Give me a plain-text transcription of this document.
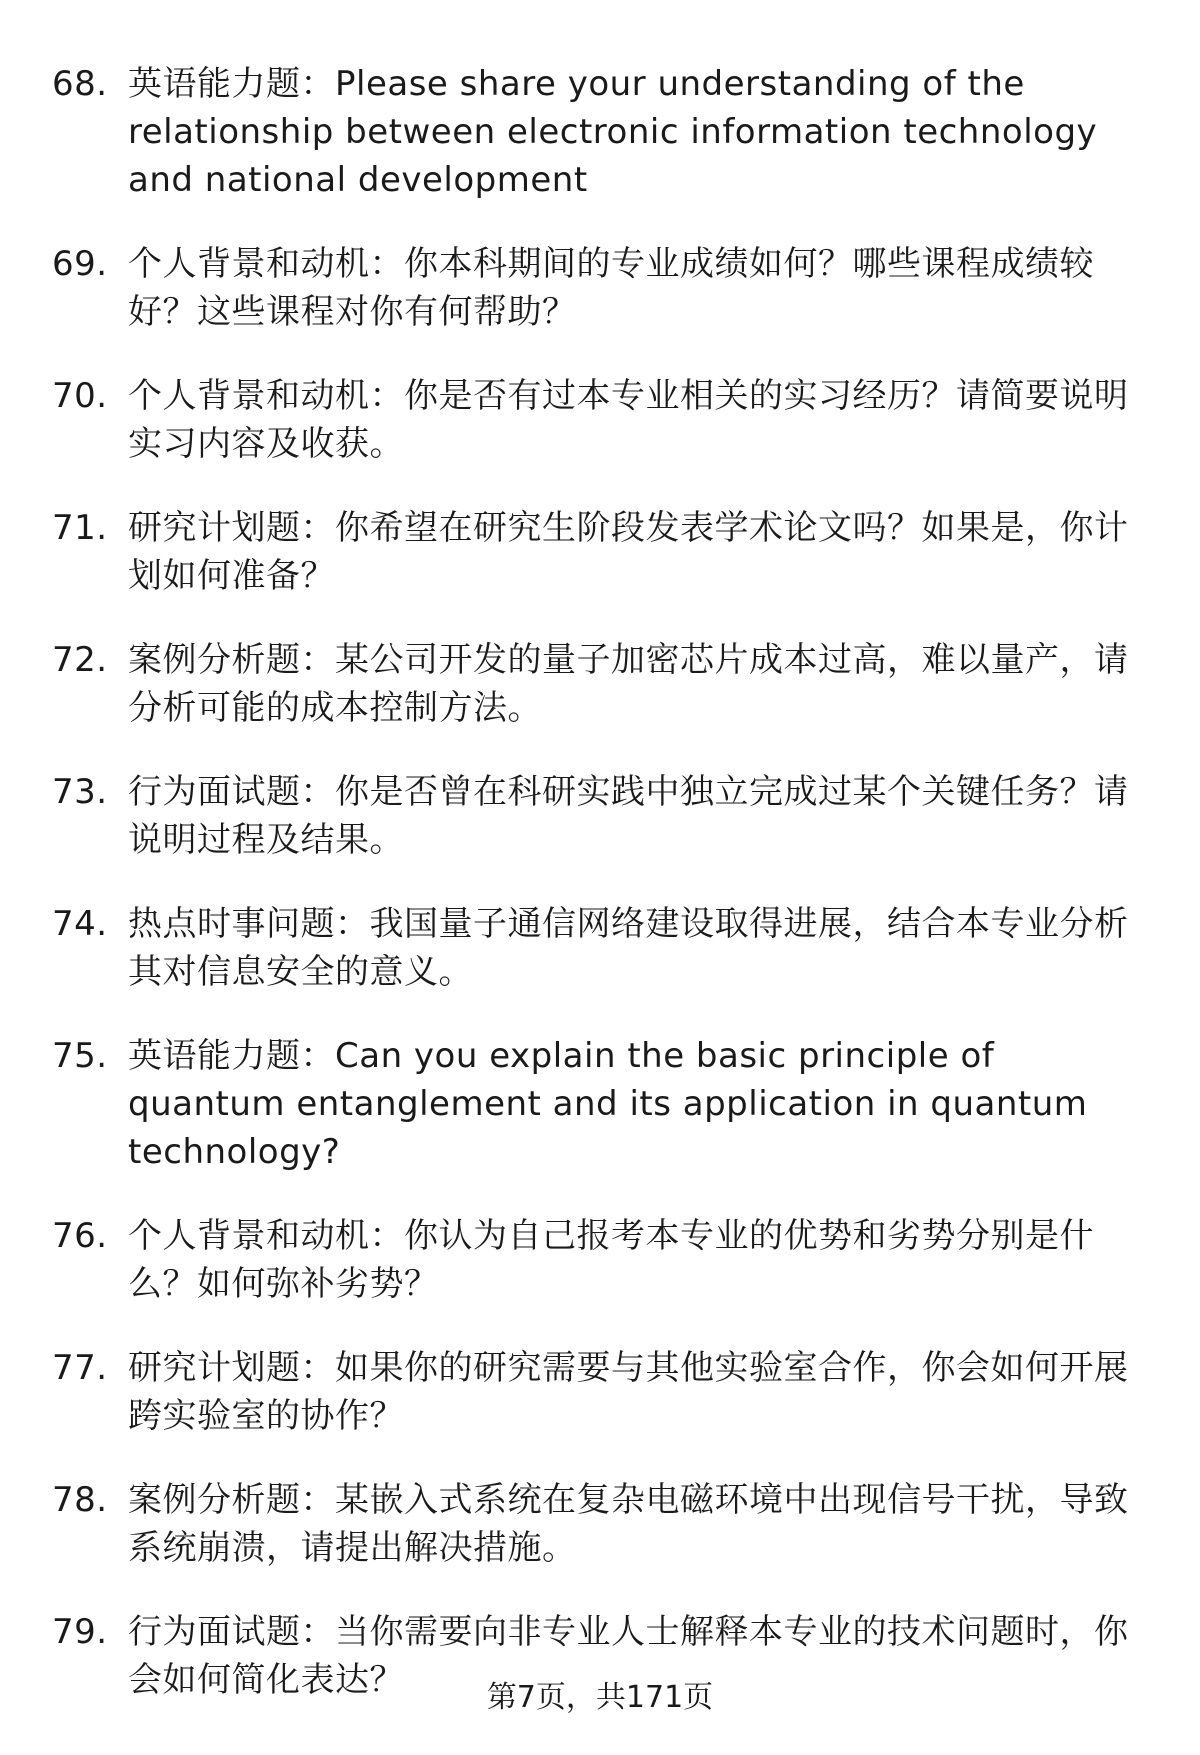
68. 英语能力题：Please share your understanding of the relationship between electronic information technology and national development
69. 个人背景和动机：你本科期间的专业成绩如何？哪些课程成绩较好？这些课程对你有何帮助？
70. 个人背景和动机：你是否有过本专业相关的实习经历？请简要说明实习内容及收获。
71. 研究计划题：你希望在研究生阶段发表学术论文吗？如果是，你计划如何准备？
72. 案例分析题：某公司开发的量子加密芯片成本过高，难以量产，请分析可能的成本控制方法。
73. 行为面试题：你是否曾在科研实践中独立完成过某个关键任务？请说明过程及结果。
74. 热点时事问题：我国量子通信网络建设取得进展，结合本专业分析其对信息安全的意义。
75. 英语能力题：Can you explain the basic principle of quantum entanglement and its application in quantum technology?
76. 个人背景和动机：你认为自己报考本专业的优势和劣势分别是什么？如何弥补劣势？
77. 研究计划题：如果你的研究需要与其他实验室合作，你会如何开展跨实验室的协作？
78. 案例分析题：某嵌入式系统在复杂电磁环境中出现信号干扰，导致系统崩溃，请提出解决措施。
79. 行为面试题：当你需要向非专业人士解释本专业的技术问题时，你会如何简化表达？	第7页，共171页
